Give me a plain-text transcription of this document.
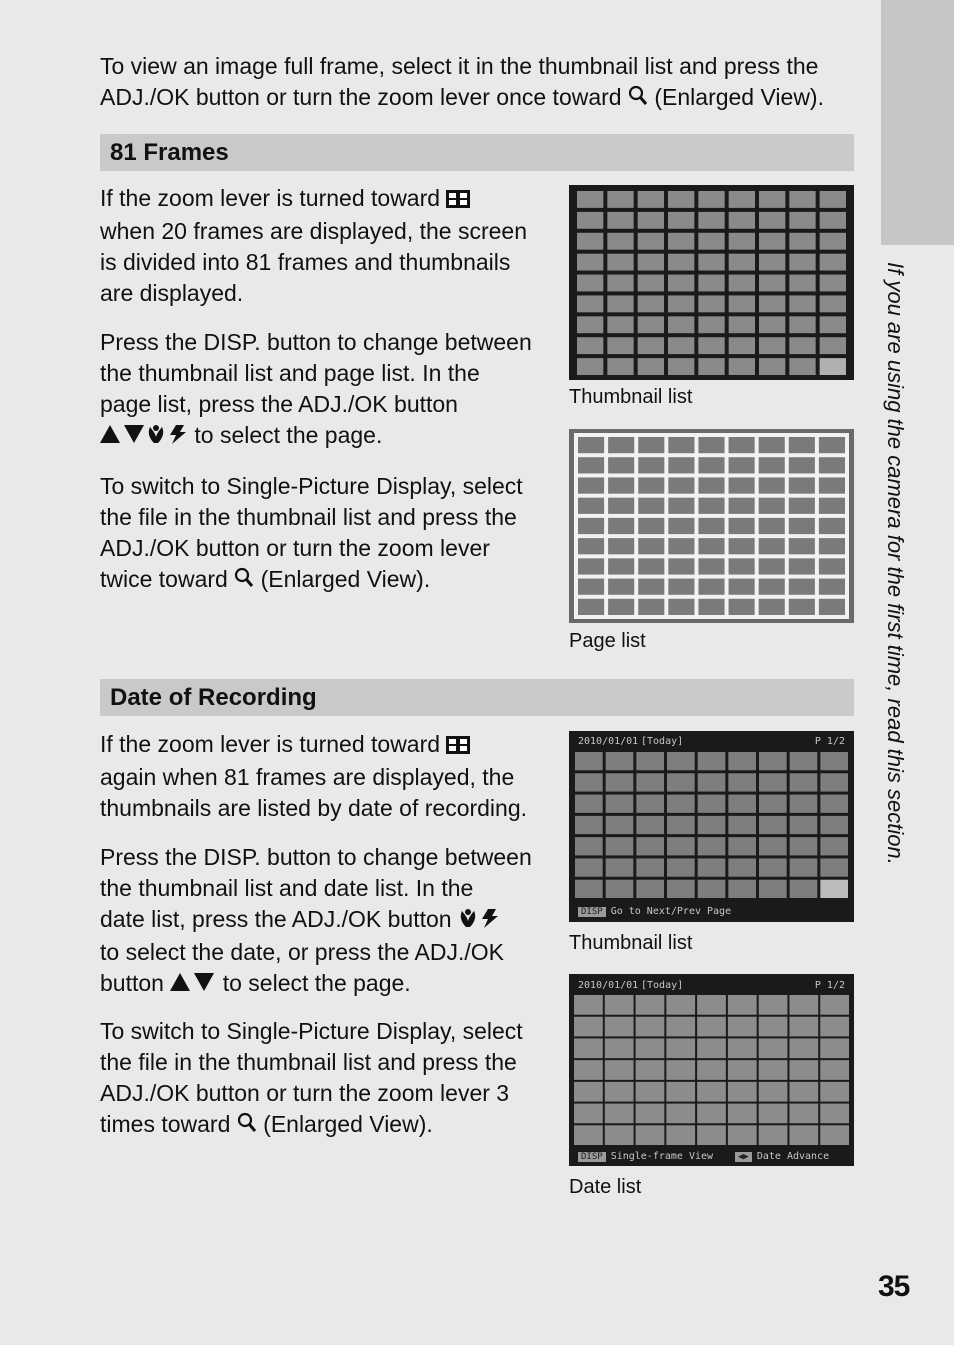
If you are using the camera for the first time, read this section.

To view an image full frame, select it in the thumbnail list and press the
ADJ./OK button or turn the zoom lever once toward (Enlarged View).

81 Frames

If the zoom lever is turned toward
when 20 frames are displayed, the screen
is divided into 81 frames and thumbnails
are displayed.

Press the DISP. button to change between
the thumbnail list and page list. In the
page list, press the ADJ./OK button
to select the page.

To switch to Single-Picture Display, select
the file in the thumbnail list and press the
ADJ./OK button or turn the zoom lever
twice toward (Enlarged View).

Thumbnail list
Page list
Date of Recording

If the zoom lever is turned toward
again when 81 frames are displayed, the
thumbnails are listed by date of recording.

Press the DISP. button to change between
the thumbnail list and date list. In the
date list, press the ADJ./OK button
to select the date, or press the ADJ./OK
button	to select the page.

To switch to Single-Picture Display, select
the file in the thumbnail list and press the
ADJ./OK button or turn the zoom lever 3
times toward (Enlarged View).

2010/01/01 [Today]	P 1/2
DISP Go to Next/Prev Page
Thumbnail list
2010/01/01 [Today]	P 1/2
DISP Single-frame View	◀▶ Date Advance
Date list
35
